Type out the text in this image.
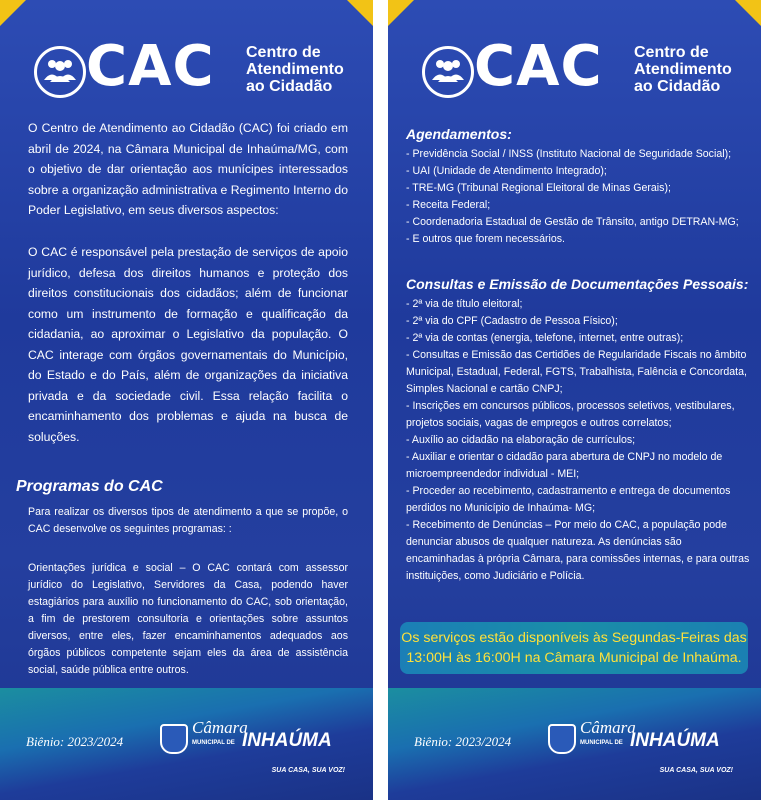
CAC Centro de
Atendimento
ao Cidadão
O Centro de Atendimento ao Cidadão (CAC) foi criado em abril de 2024, na Câmara Municipal de Inhaúma/MG, com o objetivo de dar orientação aos munícipes interessados sobre a organização administrativa e Regimento Interno do Poder Legislativo, em seus diversos aspectos:
O CAC é responsável pela prestação de serviços de apoio jurídico, defesa dos direitos humanos e proteção dos direitos constitucionais dos cidadãos; além de funcionar como um instrumento de formação e qualificação da cidadania, ao aproximar o Legislativo da população. O CAC interage com órgãos governamentais do Município, do Estado e do País, além de organizações da iniciativa privada e da sociedade civil. Essa relação facilita o encaminhamento dos problemas e ajuda na busca de soluções.
Programas do CAC
Para realizar os diversos tipos de atendimento a que se propõe, o CAC desenvolve os seguintes programas: :
Orientações jurídica e social – O CAC contará com assessor jurídico do Legislativo, Servidores da Casa, podendo haver estagiários para auxílio no funcionamento do CAC, sob orientação, a fim de prestorem consultoria e orientações sobre assuntos diversos, entre eles, fazer encaminhamentos adequados aos órgãos públicos competente sejam eles da área de assistência social, saúde pública entre outros.
Biênio: 2023/2024
Câmara
MUNICIPAL DE INHAÚMA
SUA CASA, SUA VOZ!
CAC Centro de
Atendimento
ao Cidadão
Agendamentos:
- Previdência Social / INSS (Instituto Nacional de Seguridade Social);
- UAI (Unidade de Atendimento Integrado);
- TRE-MG (Tribunal Regional Eleitoral de Minas Gerais);
- Receita Federal;
- Coordenadoria Estadual de Gestão de Trânsito, antigo DETRAN-MG;
- E outros que forem necessários.
Consultas e Emissão de Documentações Pessoais:
- 2ª via de título eleitoral;
- 2ª via do CPF (Cadastro de Pessoa Físico);
- 2ª via de contas (energia, telefone, internet, entre outras);
- Consultas e Emissão das Certidões de Regularidade Fiscais no âmbito Municipal, Estadual, Federal, FGTS, Trabalhista, Falência e Concordata, Simples Nacional e cartão CNPJ;
- Inscrições em concursos públicos, processos seletivos, vestibulares, projetos sociais, vagas de empregos e outros correlatos;
- Auxílio ao cidadão na elaboração de currículos;
- Auxiliar e orientar o cidadão para abertura de CNPJ no modelo de microempreendedor individual - MEI;
- Proceder ao recebimento, cadastramento e entrega de documentos perdidos no Município de Inhaúma- MG;
- Recebimento de Denúncias – Por meio do CAC, a população pode denunciar abusos de qualquer natureza. As denúncias são encaminhadas à própria Câmara, para comissões internas, e para outras instituições, como Judiciário e Polícia.
Os serviços estão disponíveis às Segundas-Feiras das
13:00H às 16:00H na Câmara Municipal de Inhaúma.
Biênio: 2023/2024
Câmara
MUNICIPAL DE INHAÚMA
SUA CASA, SUA VOZ!
